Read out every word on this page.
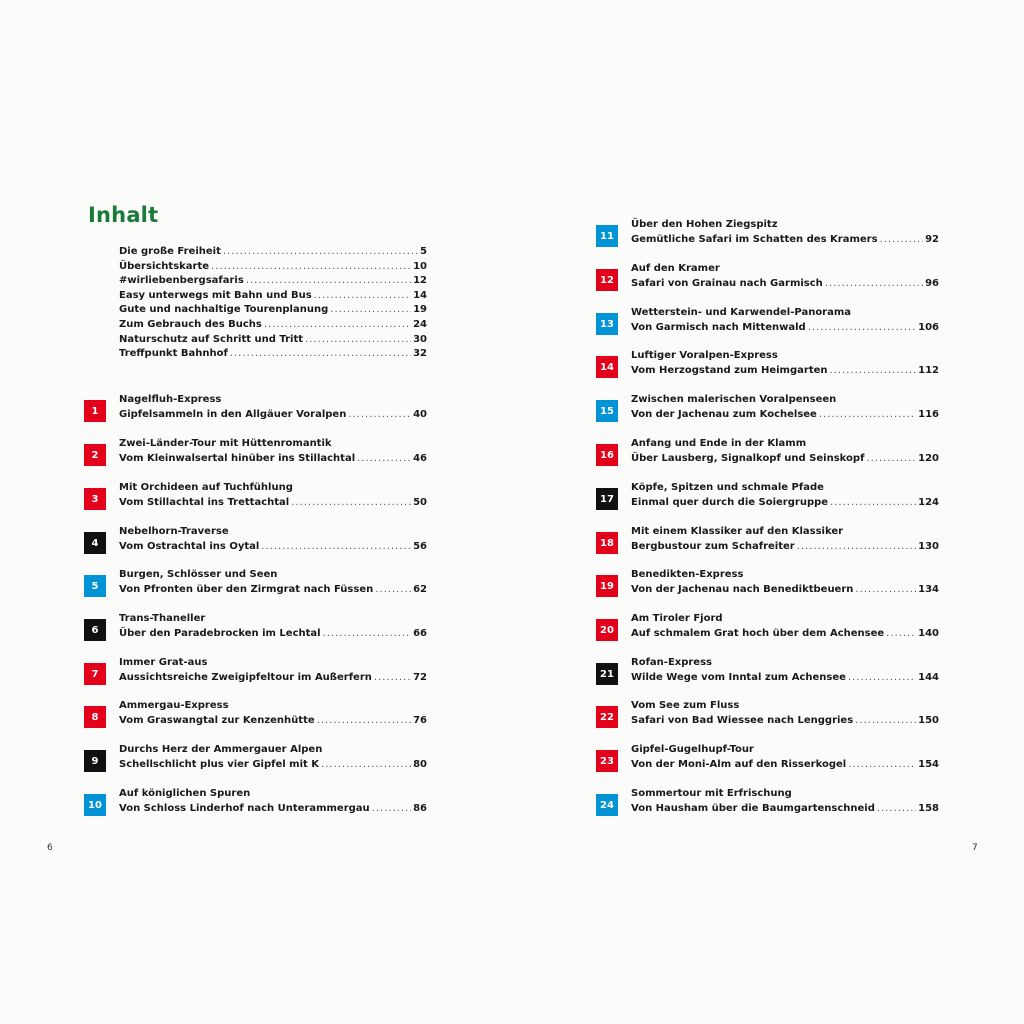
Inhalt
Die große Freiheit .....	5
Übersichtskarte .....	10
#wirliebenbergsafaris .....	12
Easy unterwegs mit Bahn und Bus .....	14
Gute und nachhaltige Tourenplanung .....	19
Zum Gebrauch des Buchs .....	24
Naturschutz auf Schritt und Tritt .....	30
Treffpunkt Bahnhof .....	32
1
Nagelfluh-Express
Gipfelsammeln in den Allgäuer Voralpen .....	40
2
Zwei-Länder-Tour mit Hüttenromantik
Vom Kleinwalsertal hinüber ins Stillachtal .....	46
3
Mit Orchideen auf Tuchfühlung
Vom Stillachtal ins Trettachtal .....	50
4
Nebelhorn-Traverse
Vom Ostrachtal ins Oytal .....	56
5
Burgen, Schlösser und Seen
Von Pfronten über den Zirmgrat nach Füssen .....	62
6
Trans-Thaneller
Über den Paradebrocken im Lechtal .....	66
7
Immer Grat-aus
Aussichtsreiche Zweigipfeltour im Außerfern .....	72
8
Ammergau-Express
Vom Graswangtal zur Kenzenhütte .....	76
9
Durchs Herz der Ammergauer Alpen
Schellschlicht plus vier Gipfel mit K .....	80
10
Auf königlichen Spuren
Von Schloss Linderhof nach Unterammergau .....	86
11
Über den Hohen Ziegspitz
Gemütliche Safari im Schatten des Kramers .....	92
12
Auf den Kramer
Safari von Grainau nach Garmisch .....	96
13
Wetterstein- und Karwendel-Panorama
Von Garmisch nach Mittenwald .....	106
14
Luftiger Voralpen-Express
Vom Herzogstand zum Heimgarten .....	112
15
Zwischen malerischen Voralpenseen
Von der Jachenau zum Kochelsee .....	116
16
Anfang und Ende in der Klamm
Über Lausberg, Signalkopf und Seinskopf .....	120
17
Köpfe, Spitzen und schmale Pfade
Einmal quer durch die Soiergruppe .....	124
18
Mit einem Klassiker auf den Klassiker
Bergbustour zum Schafreiter .....	130
19
Benedikten-Express
Von der Jachenau nach Benediktbeuern .....	134
20
Am Tiroler Fjord
Auf schmalem Grat hoch über dem Achensee .....	140
21
Rofan-Express
Wilde Wege vom Inntal zum Achensee .....	144
22
Vom See zum Fluss
Safari von Bad Wiessee nach Lenggries .....	150
23
Gipfel-Gugelhupf-Tour
Von der Moni-Alm auf den Risserkogel .....	154
24
Sommertour mit Erfrischung
Von Hausham über die Baumgartenschneid .....	158
6	7
